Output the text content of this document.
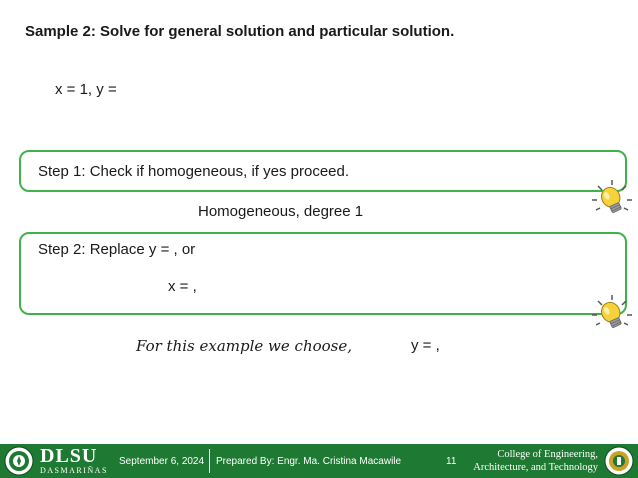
Sample 2: Solve for general solution and particular solution.
x = 1, y =
Step 1: Check if homogeneous, if yes proceed.
Homogeneous, degree 1
Step 2: Replace y = , or
x = ,
For this example we choose,	y = ,
DLSU
DASMARIÑAS
September 6, 2024 Prepared By: Engr. Ma. Cristina Macawile	11
College of Engineering,
Architecture, and Technology
